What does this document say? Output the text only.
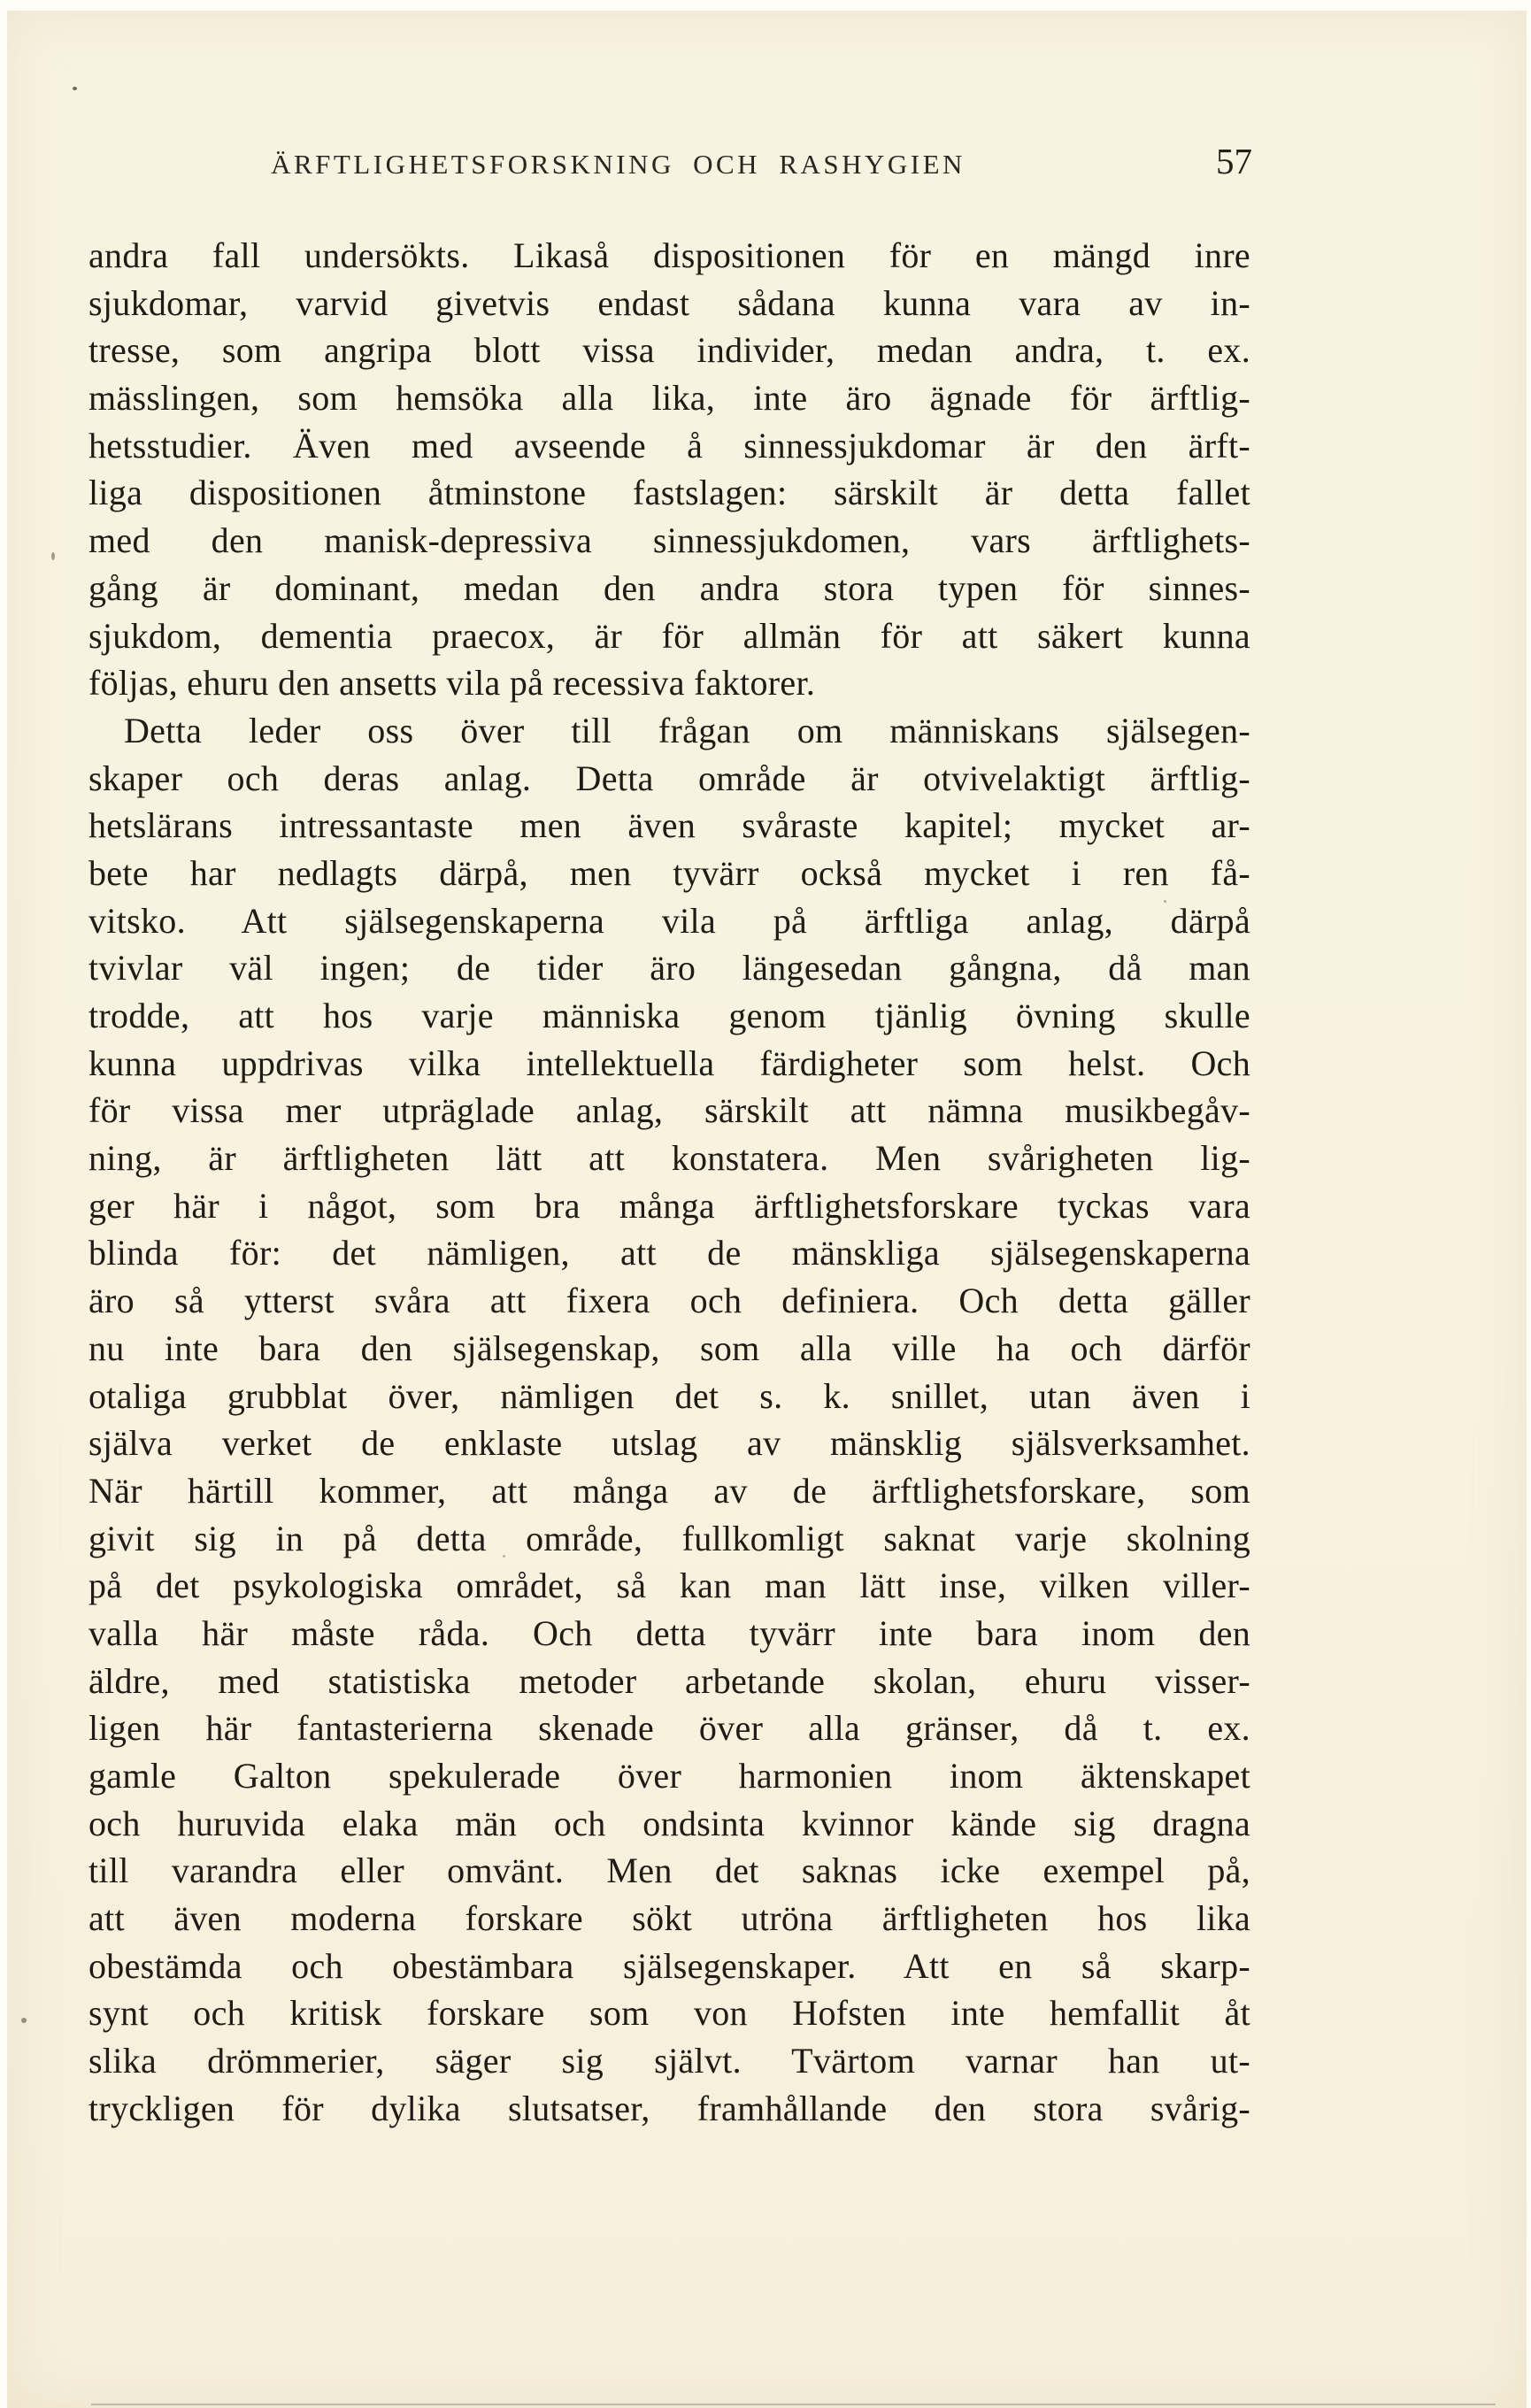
ÄRFTLIGHETSFORSKNING OCH RASHYGIEN	57
andra fall undersökts. Likaså dispositionen för en mängd inre
sjukdomar, varvid givetvis endast sådana kunna vara av in-
tresse, som angripa blott vissa individer, medan andra, t. ex.
mässlingen, som hemsöka alla lika, inte äro ägnade för ärftlig-
hetsstudier. Även med avseende å sinnessjukdomar är den ärft-
liga dispositionen åtminstone fastslagen: särskilt är detta fallet
med den manisk-depressiva sinnessjukdomen, vars ärftlighets-
gång är dominant, medan den andra stora typen för sinnes-
sjukdom, dementia praecox, är för allmän för att säkert kunna
följas, ehuru den ansetts vila på recessiva faktorer.
Detta leder oss över till frågan om människans själsegen-
skaper och deras anlag. Detta område är otvivelaktigt ärftlig-
hetslärans intressantaste men även svåraste kapitel; mycket ar-
bete har nedlagts därpå, men tyvärr också mycket i ren få-
vitsko. Att själsegenskaperna vila på ärftliga anlag, därpå
tvivlar väl ingen; de tider äro längesedan gångna, då man
trodde, att hos varje människa genom tjänlig övning skulle
kunna uppdrivas vilka intellektuella färdigheter som helst. Och
för vissa mer utpräglade anlag, särskilt att nämna musikbegåv-
ning, är ärftligheten lätt att konstatera. Men svårigheten lig-
ger här i något, som bra många ärftlighetsforskare tyckas vara
blinda för: det nämligen, att de mänskliga själsegenskaperna
äro så ytterst svåra att fixera och definiera. Och detta gäller
nu inte bara den själsegenskap, som alla ville ha och därför
otaliga grubblat över, nämligen det s. k. snillet, utan även i
själva verket de enklaste utslag av mänsklig själsverksamhet.
När härtill kommer, att många av de ärftlighetsforskare, som
givit sig in på detta område, fullkomligt saknat varje skolning
på det psykologiska området, så kan man lätt inse, vilken viller-
valla här måste råda. Och detta tyvärr inte bara inom den
äldre, med statistiska metoder arbetande skolan, ehuru visser-
ligen här fantasterierna skenade över alla gränser, då t. ex.
gamle Galton spekulerade över harmonien inom äktenskapet
och huruvida elaka män och ondsinta kvinnor kände sig dragna
till varandra eller omvänt. Men det saknas icke exempel på,
att även moderna forskare sökt utröna ärftligheten hos lika
obestämda och obestämbara själsegenskaper. Att en så skarp-
synt och kritisk forskare som von Hofsten inte hemfallit åt
slika drömmerier, säger sig självt. Tvärtom varnar han ut-
tryckligen för dylika slutsatser, framhållande den stora svårig-
